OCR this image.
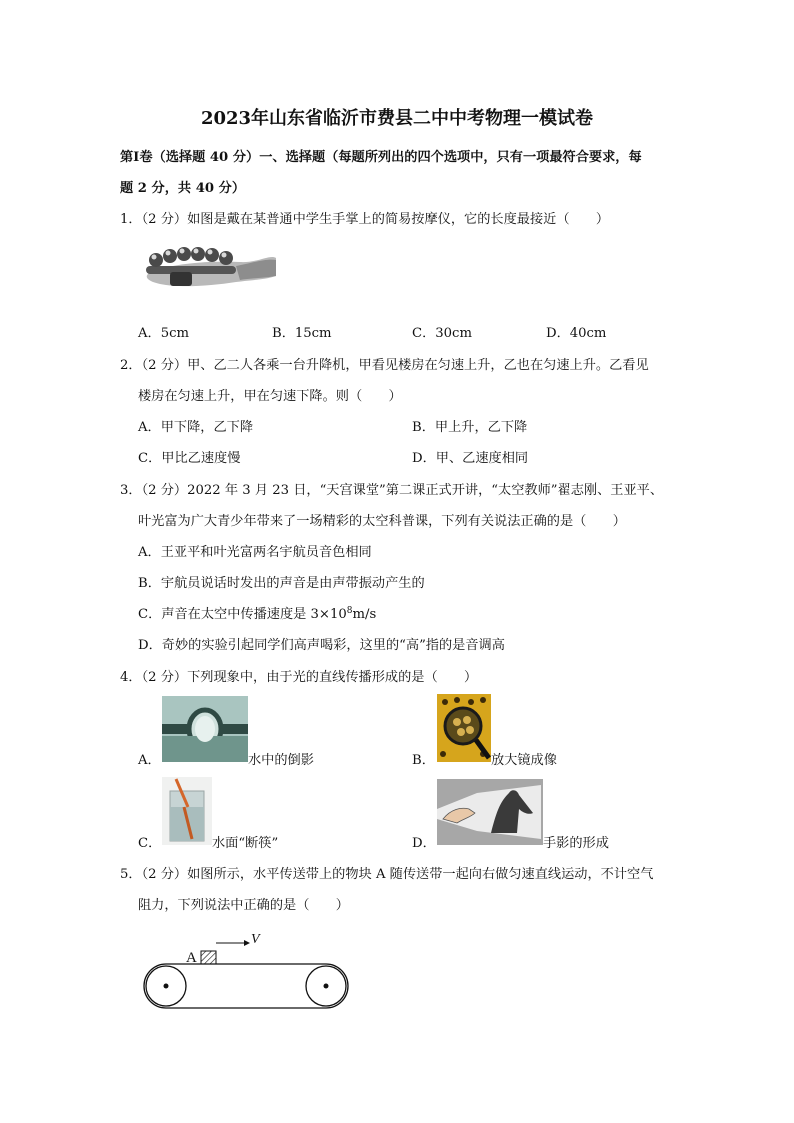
2023年山东省临沂市费县二中中考物理一模试卷
第Ⅰ卷（选择题 40 分）一、选择题（每题所列出的四个选项中，只有一项最符合要求，每
题 2 分，共 40 分）
1．（2 分）如图是戴在某普通中学生手掌上的简易按摩仪，它的长度最接近（　　）
A．5cm	B．15cm	C．30cm	D．40cm
2．（2 分）甲、乙二人各乘一台升降机，甲看见楼房在匀速上升，乙也在匀速上升。乙看见
楼房在匀速上升，甲在匀速下降。则（　　）
A．甲下降，乙下降	B．甲上升，乙下降
C．甲比乙速度慢	D．甲、乙速度相同
3．（2 分）2022 年 3 月 23 日，“天宫课堂”第二课正式开讲，“太空教师”翟志刚、王亚平、
叶光富为广大青少年带来了一场精彩的太空科普课，下列有关说法正确的是（　　）
A．王亚平和叶光富两名宇航员音色相同
B．宇航员说话时发出的声音是由声带振动产生的
C．声音在太空中传播速度是 $3\times 10^8m/s$
D．奇妙的实验引起同学们高声喝彩，这里的“高”指的是音调高
4．（2 分）下列现象中，由于光的直线传播形成的是（　　）
A．	水中的倒影	B．	放大镜成像
C．	水面“断筷”	D．	手影的形成
5．（2 分）如图所示，水平传送带上的物块 A 随传送带一起向右做匀速直线运动，不计空气
阻力，下列说法中正确的是（　　）
A
V
